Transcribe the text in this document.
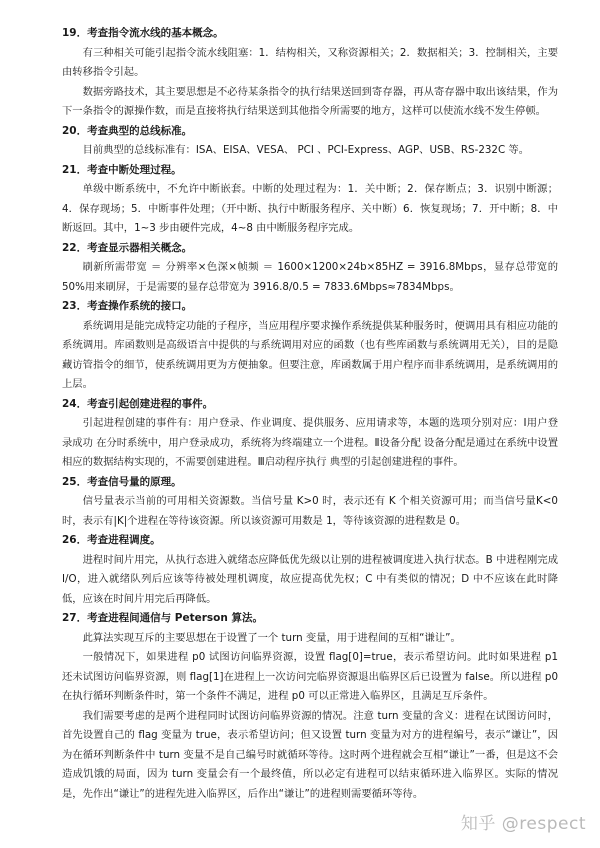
19．考查指令流水线的基本概念。

有三种相关可能引起指令流水线阻塞：1．结构相关，又称资源相关；2．数据相关；3．控制相关，主要由转移指令引起。

数据旁路技术，其主要思想是不必待某条指令的执行结果送回到寄存器，再从寄存器中取出该结果，作为下一条指令的源操作数，而是直接将执行结果送到其他指令所需要的地方，这样可以使流水线不发生停顿。

20．考查典型的总线标准。

目前典型的总线标准有：ISA、EISA、VESA、 PCI 、PCI-Express、AGP、USB、RS-232C 等。

21．考查中断处理过程。

单级中断系统中，不允许中断嵌套。中断的处理过程为：1．关中断；2．保存断点；3．识别中断源；4．保存现场；5．中断事件处理；（开中断、执行中断服务程序、关中断）6．恢复现场；7．开中断；8．中断返回。其中，1~3 步由硬件完成，4~8 由中断服务程序完成。

22．考查显示器相关概念。

刷新所需带宽 ＝ 分辨率×色深×帧频 ＝ 1600×1200×24b×85HZ = 3916.8Mbps，显存总带宽的 50%用来刷屏，于是需要的显存总带宽为 3916.8/0.5 = 7833.6Mbps≈7834Mbps。

23．考查操作系统的接口。

系统调用是能完成特定功能的子程序，当应用程序要求操作系统提供某种服务时，便调用具有相应功能的系统调用。库函数则是高级语言中提供的与系统调用对应的函数（也有些库函数与系统调用无关），目的是隐藏访管指令的细节，使系统调用更为方便抽象。但要注意，库函数属于用户程序而非系统调用，是系统调用的上层。

24．考查引起创建进程的事件。

引起进程创建的事件有：用户登录、作业调度、提供服务、应用请求等，本题的选项分别对应：Ⅰ用户登录成功 在分时系统中，用户登录成功，系统将为终端建立一个进程。Ⅱ设备分配 设备分配是通过在系统中设置相应的数据结构实现的，不需要创建进程。Ⅲ启动程序执行 典型的引起创建进程的事件。

25．考查信号量的原理。

信号量表示当前的可用相关资源数。当信号量 K>0 时，表示还有 K 个相关资源可用；而当信号量K<0 时，表示有|K|个进程在等待该资源。所以该资源可用数是 1，等待该资源的进程数是 0。

26．考查进程调度。

进程时间片用完，从执行态进入就绪态应降低优先级以让别的进程被调度进入执行状态。B 中进程刚完成 I/O，进入就绪队列后应该等待被处理机调度，故应提高优先权；C 中有类似的情况；D 中不应该在此时降低，应该在时间片用完后再降低。

27．考查进程间通信与 Peterson 算法。

此算法实现互斥的主要思想在于设置了一个 turn 变量，用于进程间的互相“谦让”。

一般情况下，如果进程 p0 试图访问临界资源，设置 flag[0]=true，表示希望访问。此时如果进程 p1 还未试图访问临界资源，则 flag[1]在进程上一次访问完临界资源退出临界区后已设置为 false。所以进程 p0 在执行循环判断条件时，第一个条件不满足，进程 p0 可以正常进入临界区，且满足互斥条件。

我们需要考虑的是两个进程同时试图访问临界资源的情况。注意 turn 变量的含义：进程在试图访问时，首先设置自己的 flag 变量为 true，表示希望访问；但又设置 turn 变量为对方的进程编号，表示“谦让”，因为在循环判断条件中 turn 变量不是自己编号时就循环等待。这时两个进程就会互相“谦让”一番，但是这不会造成饥饿的局面，因为 turn 变量会有一个最终值，所以必定有进程可以结束循环进入临界区。实际的情况是，先作出“谦让”的进程先进入临界区，后作出“谦让”的进程则需要循环等待。

知乎 @respect
